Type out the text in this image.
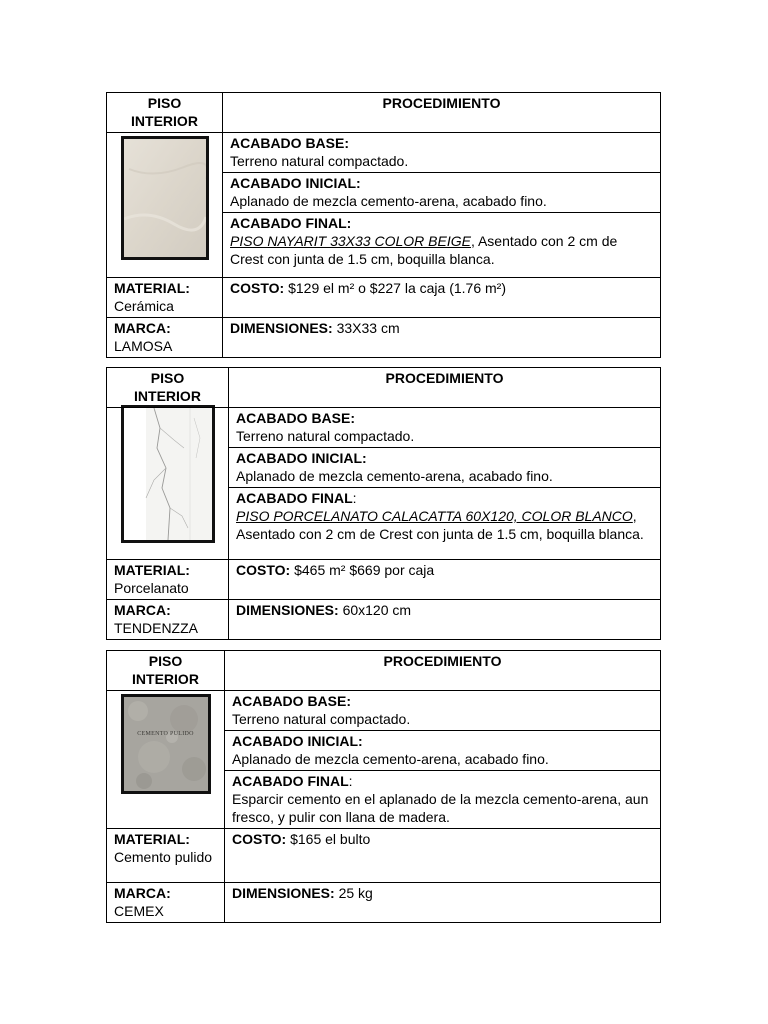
PISO
INTERIOR	PROCEDIMIENTO

	ACABADO BASE:
Terreno natural compactado.
	ACABADO INICIAL:
Aplanado de mezcla cemento-arena, acabado fino.
	ACABADO FINAL:
PISO NAYARIT 33X33 COLOR BEIGE, Asentado con 2 cm de Crest con junta de 1.5 cm, boquilla blanca.
MATERIAL:
Cerámica	COSTO: $129 el m² o $227 la caja (1.76 m²)
MARCA:
LAMOSA	DIMENSIONES: 33X33 cm
PISO
INTERIOR	PROCEDIMIENTO

	ACABADO BASE:
Terreno natural compactado.
	ACABADO INICIAL:
Aplanado de mezcla cemento-arena, acabado fino.
	ACABADO FINAL:
PISO PORCELANATO CALACATTA 60X120, COLOR BLANCO, Asentado con 2 cm de Crest con junta de 1.5 cm, boquilla blanca.
MATERIAL:
Porcelanato	COSTO: $465 m² $669 por caja
MARCA:
TENDENZZA	DIMENSIONES: 60x120 cm
PISO
INTERIOR	PROCEDIMIENTO

CEMENTO PULIDO	ACABADO BASE:
Terreno natural compactado.
	ACABADO INICIAL:
Aplanado de mezcla cemento-arena, acabado fino.
	ACABADO FINAL:
Esparcir cemento en el aplanado de la mezcla cemento-arena, aun fresco, y pulir con llana de madera.
MATERIAL:
Cemento pulido	COSTO: $165 el bulto
MARCA:
CEMEX	DIMENSIONES: 25 kg
